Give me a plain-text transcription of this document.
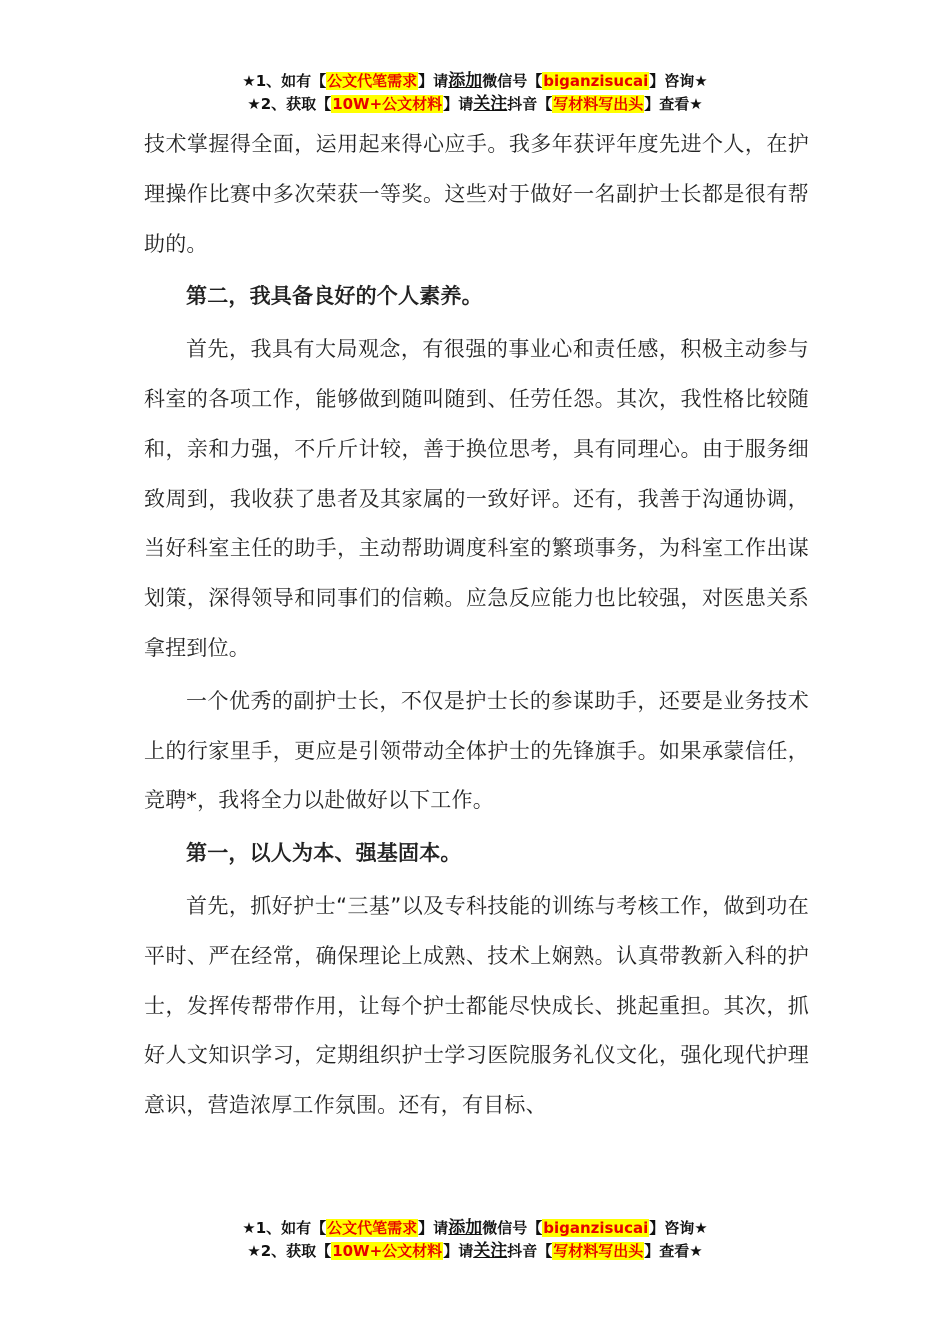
★1、如有【公文代笔需求】请添加微信号【biganzisucai】咨询★
★2、获取【10W+公文材料】请关注抖音【写材料写出头】查看★

技术掌握得全面，运用起来得心应手。我多年获评年度先进个人，在护理操作比赛中多次荣获一等奖。这些对于做好一名副护士长都是很有帮助的。

第二，我具备良好的个人素养。

首先，我具有大局观念，有很强的事业心和责任感，积极主动参与科室的各项工作，能够做到随叫随到、任劳任怨。其次，我性格比较随和，亲和力强，不斤斤计较，善于换位思考，具有同理心。由于服务细致周到，我收获了患者及其家属的一致好评。还有，我善于沟通协调，当好科室主任的助手，主动帮助调度科室的繁琐事务，为科室工作出谋划策，深得领导和同事们的信赖。应急反应能力也比较强，对医患关系拿捏到位。

一个优秀的副护士长，不仅是护士长的参谋助手，还要是业务技术上的行家里手，更应是引领带动全体护士的先锋旗手。如果承蒙信任，竞聘*，我将全力以赴做好以下工作。

第一，以人为本、强基固本。

首先，抓好护士“三基”以及专科技能的训练与考核工作，做到功在平时、严在经常，确保理论上成熟、技术上娴熟。认真带教新入科的护士，发挥传帮带作用，让每个护士都能尽快成长、挑起重担。其次，抓好人文知识学习，定期组织护士学习医院服务礼仪文化，强化现代护理意识，营造浓厚工作氛围。还有，有目标、

★1、如有【公文代笔需求】请添加微信号【biganzisucai】咨询★
★2、获取【10W+公文材料】请关注抖音【写材料写出头】查看★
